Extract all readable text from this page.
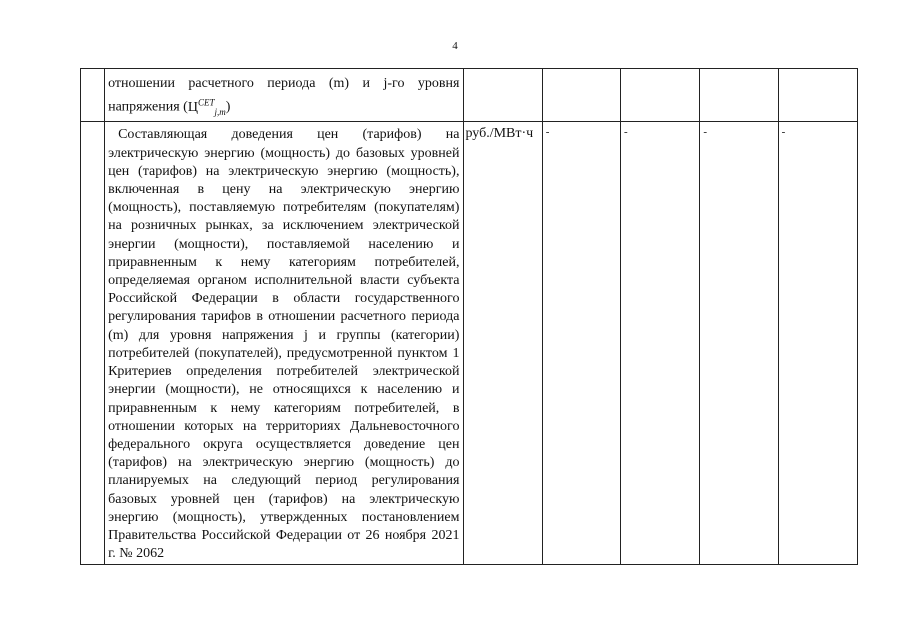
4

	отношении расчетного периода (m) и j-го уровня напряжения $(Ц^{СЕТ}_{j,m})$					

	Составляющая доведения цен (тарифов) на электрическую энергию (мощность) до базовых уровней цен (тарифов) на электрическую энергию (мощность), включенная в цену на электрическую энергию (мощность), поставляемую потребителям (покупателям) на розничных рынках, за исключением электрической энергии (мощности), поставляемой населению и приравненным к нему категориям потребителей, определяемая органом исполнительной власти субъекта Российской Федерации в области государственного регулирования тарифов в отношении расчетного периода (m) для уровня напряжения j и группы (категории) потребителей (покупателей), предусмотренной пунктом 1 Критериев определения потребителей электрической энергии (мощности), не относящихся к населению и приравненным к нему категориям потребителей, в отношении которых на территориях Дальневосточного федерального округа осуществляется доведение цен (тарифов) на электрическую энергию (мощность) до планируемых на следующий период регулирования базовых уровней цен (тарифов) на электрическую энергию (мощность), утвержденных постановлением Правительства Российской Федерации от 26 ноября 2021 г. № 2062	руб./МВт·ч	-	-	-	-
